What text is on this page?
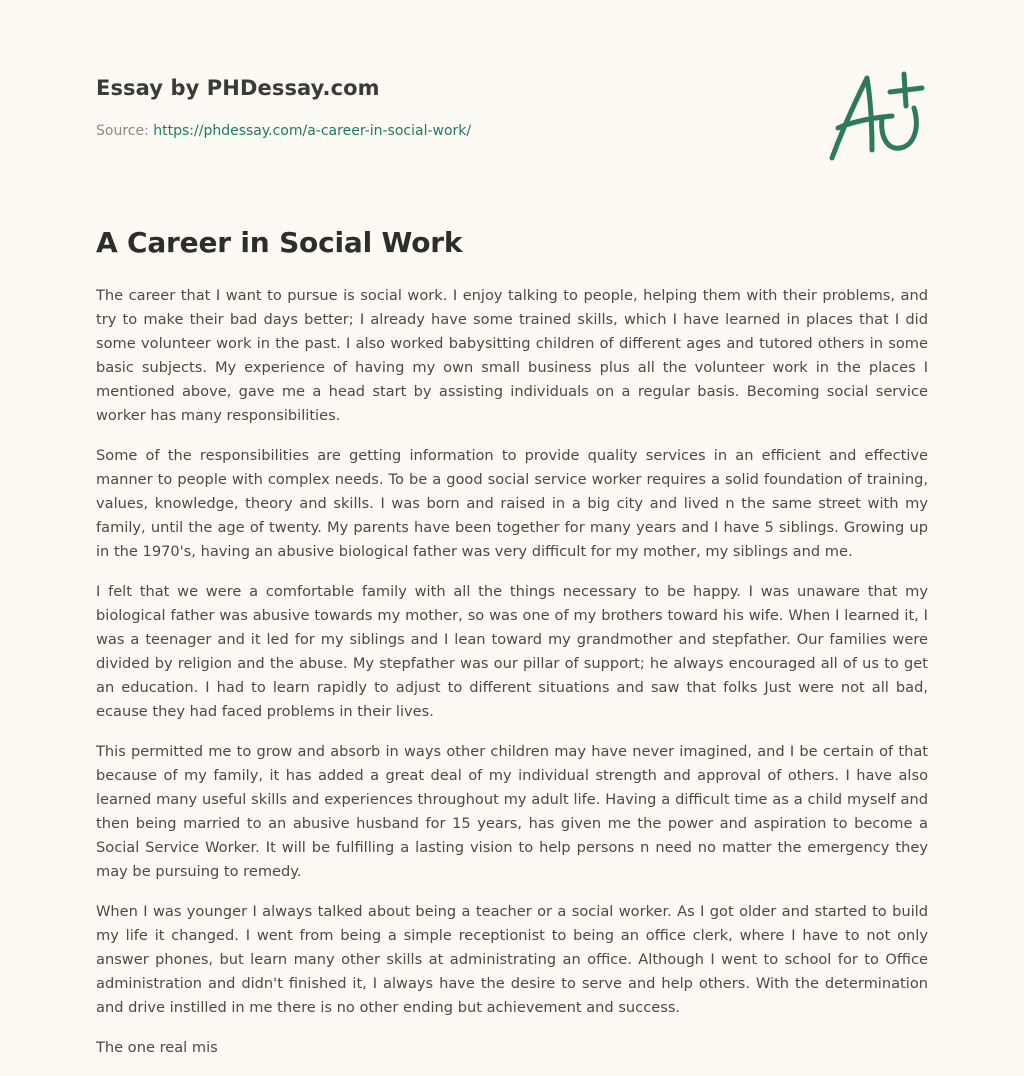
Essay by PHDessay.com
Source: https://phdessay.com/a-career-in-social-work/
A Career in Social Work

The career that I want to pursue is social work. I enjoy talking to people, helping them with their problems, and try to make their bad days better; I already have some trained skills, which I have learned in places that I did some volunteer work in the past. I also worked babysitting children of different ages and tutored others in some basic subjects. My experience of having my own small business plus all the volunteer work in the places I mentioned above, gave me a head start by assisting individuals on a regular basis. Becoming social service worker has many responsibilities.

Some of the responsibilities are getting information to provide quality services in an efficient and effective manner to people with complex needs. To be a good social service worker requires a solid foundation of training, values, knowledge, theory and skills. I was born and raised in a big city and lived n the same street with my family, until the age of twenty. My parents have been together for many years and I have 5 siblings. Growing up in the 1970's, having an abusive biological father was very difficult for my mother, my siblings and me.

I felt that we were a comfortable family with all the things necessary to be happy. I was unaware that my biological father was abusive towards my mother, so was one of my brothers toward his wife. When I learned it, I was a teenager and it led for my siblings and I lean toward my grandmother and stepfather. Our families were divided by religion and the abuse. My stepfather was our pillar of support; he always encouraged all of us to get an education. I had to learn rapidly to adjust to different situations and saw that folks Just were not all bad, ecause they had faced problems in their lives.

This permitted me to grow and absorb in ways other children may have never imagined, and I be certain of that because of my family, it has added a great deal of my individual strength and approval of others. I have also learned many useful skills and experiences throughout my adult life. Having a difficult time as a child myself and then being married to an abusive husband for 15 years, has given me the power and aspiration to become a Social Service Worker. It will be fulfilling a lasting vision to help persons n need no matter the emergency they may be pursuing to remedy.

When I was younger I always talked about being a teacher or a social worker. As I got older and started to build my life it changed. I went from being a simple receptionist to being an office clerk, where I have to not only answer phones, but learn many other skills at administrating an office. Although I went to school for to Office administration and didn't finished it, I always have the desire to serve and help others. With the determination and drive instilled in me there is no other ending but achievement and success.

The one real mis
